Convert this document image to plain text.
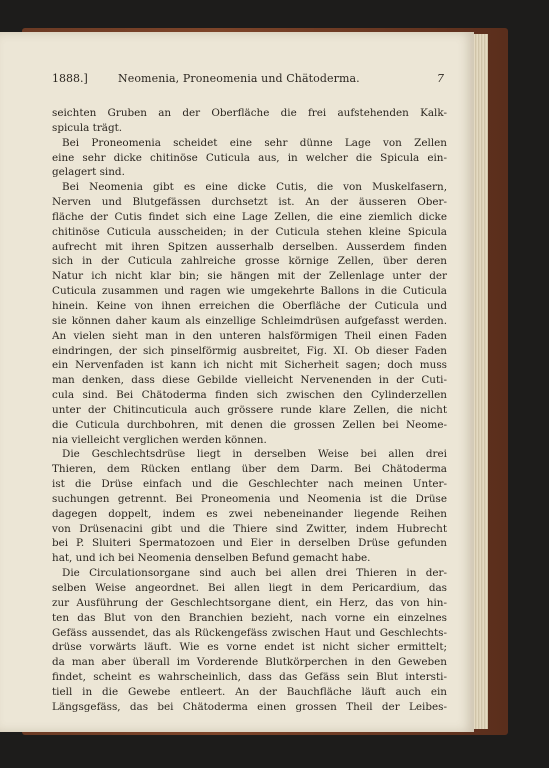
1888.]	Neomenia, Proneomenia und Chätoderma.	7
seichten Gruben an der Oberfläche die frei aufstehenden Kalk-
spicula trägt.
Bei Proneomenia scheidet eine sehr dünne Lage von Zellen
eine sehr dicke chitinöse Cuticula aus, in welcher die Spicula ein-
gelagert sind.
Bei Neomenia gibt es eine dicke Cutis, die von Muskelfasern,
Nerven und Blutgefässen durchsetzt ist. An der äusseren Ober-
fläche der Cutis findet sich eine Lage Zellen, die eine ziemlich dicke
chitinöse Cuticula ausscheiden; in der Cuticula stehen kleine Spicula
aufrecht mit ihren Spitzen ausserhalb derselben. Ausserdem finden
sich in der Cuticula zahlreiche grosse körnige Zellen, über deren
Natur ich nicht klar bin; sie hängen mit der Zellenlage unter der
Cuticula zusammen und ragen wie umgekehrte Ballons in die Cuticula
hinein. Keine von ihnen erreichen die Oberfläche der Cuticula und
sie können daher kaum als einzellige Schleimdrüsen aufgefasst werden.
An vielen sieht man in den unteren halsförmigen Theil einen Faden
eindringen, der sich pinselförmig ausbreitet, Fig. XI. Ob dieser Faden
ein Nervenfaden ist kann ich nicht mit Sicherheit sagen; doch muss
man denken, dass diese Gebilde vielleicht Nervenenden in der Cuti-
cula sind. Bei Chätoderma finden sich zwischen den Cylinderzellen
unter der Chitincuticula auch grössere runde klare Zellen, die nicht
die Cuticula durchbohren, mit denen die grossen Zellen bei Neome-
nia vielleicht verglichen werden können.
Die Geschlechtsdrüse liegt in derselben Weise bei allen drei
Thieren, dem Rücken entlang über dem Darm. Bei Chätoderma
ist die Drüse einfach und die Geschlechter nach meinen Unter-
suchungen getrennt. Bei Proneomenia und Neomenia ist die Drüse
dagegen doppelt, indem es zwei nebeneinander liegende Reihen
von Drüsenacini gibt und die Thiere sind Zwitter, indem Hubrecht
bei P. Sluiteri Spermatozoen und Eier in derselben Drüse gefunden
hat, und ich bei Neomenia denselben Befund gemacht habe.
Die Circulationsorgane sind auch bei allen drei Thieren in der-
selben Weise angeordnet. Bei allen liegt in dem Pericardium, das
zur Ausführung der Geschlechtsorgane dient, ein Herz, das von hin-
ten das Blut von den Branchien bezieht, nach vorne ein einzelnes
Gefäss aussendet, das als Rückengefäss zwischen Haut und Geschlechts-
drüse vorwärts läuft. Wie es vorne endet ist nicht sicher ermittelt;
da man aber überall im Vorderende Blutkörperchen in den Geweben
findet, scheint es wahrscheinlich, dass das Gefäss sein Blut intersti-
tiell in die Gewebe entleert. An der Bauchfläche läuft auch ein
Längsgefäss, das bei Chätoderma einen grossen Theil der Leibes-
